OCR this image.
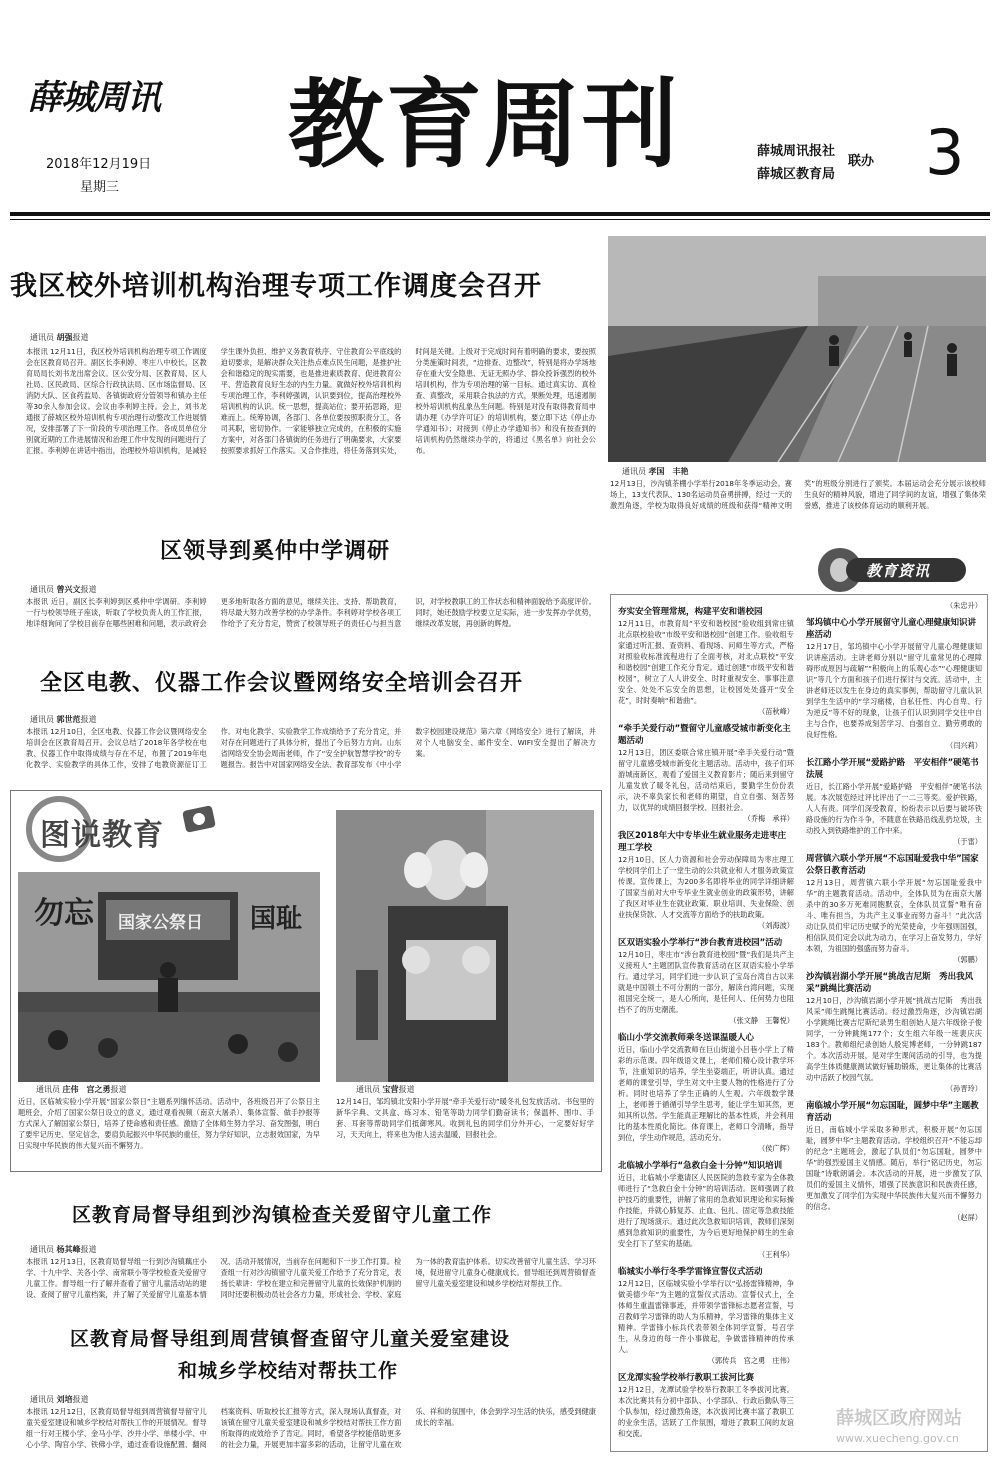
薛城周讯
2018年12月19日
星期三
教育周刊	薛城周讯报社
薛城区教育局
联办 3
我区校外培训机构治理专项工作调度会召开
通讯员 胡强报道
本报讯 12月11日，我区校外培训机构治理专项工作调度会在区教育局召开。副区长李利婷、枣庄八中校长，区教育局局长刘书龙出席会议。区公安分局、区教育局、区人社局、区民政局、区综合行政执法局、区市场监督局、区消防大队、区食药监局、各镇街政府分管领导和镇办主任等30余人参加会议。会议由李利婷主持。会上，刘书龙通报了薛城区校外培训机构专项治理行动整改工作进展情况，安排部署了下一阶段的专项治理工作。各成员单位分别就近期的工作进展情况和治理工作中发现的问题进行了汇报。李利婷在讲话中指出，治理校外培训机构，是减轻学生课外负担、维护义务教育秩序、守住教育公平底线的迫切要求，是解决群众关注热点难点民生问题，是推护社会和谐稳定的现实需要，也是推进素质教育、促进教育公平、营造教育良好生态的内生力量。就做好校外培训机构专项治理工作，李利婷强调，认识要到位，提高治理校外培训机构的认识。统一思想，提高站位；要开拓思路，迎难而上。统筹协调，各部门、各单位要按照职责分工，各司其职，密切协作。一家能够独立完成的，在积极的实施方案中，对各部门各镇街的任务进行了明确要求，大家要按照要求抓好工作落实。又合作推进，将任务落到实处，时间是关键。上级对于完成时间有着明确的要求，要按照分类施策时间表，“边排查、边整改”，特别是将办学场地存在重大安全隐患、无证无照办学、群众投诉强烈的校外培训机构，作为专项治理的第一目标。通过真实访、真检查、真整改，采用联合执法的方式，果断处理，迅速遏制校外培训机构乱象丛生问题。特别是对没有取得教育局申请办理《办学许可证》的培训机构，要立即下达《停止办学通知书》；对接到《停止办学通知书》和没有按查到的培训机构仍然继续办学的，将通过《黑名单》向社会公布。
通讯员 孝国　丰艳
12月13日，沙沟镇茶棚小学举行2018年冬季运动会。赛场上，13支代表队、130名运动员奋勇拼搏，经过一天的激烈角逐，学校为取得良好成绩的班级和获得“精神文明奖”的班级分别进行了颁奖。本届运动会充分展示该校师生良好的精神风貌，增进了同学间的友谊，增强了集体荣誉感，推进了该校体育运动的顺利开展。
区领导到奚仲中学调研
通讯员 曾兴文报道
本报讯 近日，副区长李利婷到区奚仲中学调研。李利婷一行与校领导班子座谈，听取了学校负责人的工作汇报，地详细询问了学校目前存在哪些困难和问题，表示政府会更多地听取各方面的意见，继续关注、支持、帮助教育，将尽最大努力改善学校的办学条件。李利婷对学校各项工作给予了充分肯定，赞赏了校领导班子的责任心与担当意识，对学校教职工的工作状态和精神面貌给予高度评价。同时，她还鼓励学校要立足实际，进一步发挥办学优势，继续改革发展，再创新的辉煌。
全区电教、仪器工作会议暨网络安全培训会召开
通讯员 郭世范报道
本报讯 12月10日，全区电教、仪器工作会议暨网络安全培训会在区教育局召开。会议总结了2018年各学校在电教、仪器工作中取得成绩与存在不足，布置了2019年电化教学、实验教学的具体工作，安排了电教资源征订工作。对电化教学、实验教学工作成绩给予了充分肯定，并对存在问题进行了具体分析，提出了今后努力方向。山东省网络安全协会周南老师，作了“安全护航智慧学校”的专题报告。报告中对国家网络安全法、教育部发布《中小学数字校园建设规范》第六章《网络安全》进行了解读，并对个人电脑安全、邮件安全、WIFI安全提出了解决方案。
图说教育
勿忘	国耻
国家公祭日
通讯员 庄伟　宫之勇报道
近日，区临城实验小学开展“国家公祭日”主题系列缅怀活动。活动中，各班级召开了公祭日主题班会，介绍了国家公祭日设立的意义，通过观看视频（南京大屠杀）、集体宣誓、做手抄报等方式深入了解国家公祭日，培养了使命感和责任感。激励了全体师生努力学习、奋发图强，明白了要牢记历史、坚定信念，要肩负起振兴中华民族的重任，努力学好知识，立志报效国家，为早日实现中华民族的伟大复兴而不懈努力。
通讯员 宝营报道
12月14日，邹坞镇北安阳小学开展“牵手关爱行动”暖冬礼包发放活动。书包里的新华字典、文具盒、练习本、铅笔等助力同学们勤奋读书；保温杯、围巾、手套、耳套等帮助同学们抵御寒风。收到礼包的同学们分外开心，一定要好好学习，天天向上，将来也为他人送去温暖，回报社会。
区教育局督导组到沙沟镇检查关爱留守儿童工作
通讯员 杨其峰报道
本报讯 12月13日，区教育局督导组一行到沙沟镇藕庄小学、十九中学、关各小学、南常联小等学校检查关爱留守儿童工作。督导组一行了解并查看了留守儿童活动站的建设、查阅了留守儿童档案，并了解了关爱留守儿童基本情况、活动开展情况，当前存在问题和下一步工作打算。检查组一行对沙沟镇留守儿童关爱工作给予了充分肯定，表扬长辈讲：学校在建立和完善留守儿童的长效保护机制的同时还要积极动员社会各方力量，形成社会、学校、家庭为一体的教育监护体系。切实改善留守儿童生活、学习环境，促进留守儿童身心健康成长。督导组还到周营镇督查留守儿童关爱室建设和城乡学校结对帮扶工作。
区教育局督导组到周营镇督查留守儿童关爱室建设
和城乡学校结对帮扶工作
通讯员 刘培报道
本报讯 12月12日，区教育局督导组到周营镇督导留守儿童关爱室建设和城乡学校结对帮扶工作的开展情况。督导组一行对王楼小学、金马小学、沙井小学、单楼小学、中心小学、陶官小学、铁佛小学，通过查看设施配置、翻阅档案资料、听取校长汇报等方式，深入现场认真督查，对该镇在留守儿童关爱室建设和城乡学校结对帮扶工作方面所取得的成效给予了肯定。同时，希望各学校能借助更多的社会力量，开展更加丰富多彩的活动，让留守儿童在欢乐、祥和的氛围中，体会到学习生活的快乐，感受到健康成长的幸福。
教育资讯
夯实安全管理常规，构建平安和谐校园
12月11日，市教育局“平安和谐校园”验收组到常庄镇北点联校验收“市级平安和谐校园”创建工作。验收组专家通过听汇报、查资料、看现场、问师生等方式，严格对照验收标准流程进行了全面考核，对北点联校“平安和谐校园”创建工作充分肯定。通过创建“市级平安和谐校园”，树立了人人讲安全、时时重视安全、事事注意安全、处处不忘安全的思想，让校园处处盛开“安全花”，时时奏响“和谐曲”。
（苗秋峰）
“牵手关爱行动”暨留守儿童感受城市新变化主题活动
12月13日，团区委联合常庄镇开展“牵手关爱行动”暨留守儿童感受城市新变化主题活动。活动中，孩子们环游城南新区，观看了爱国主义教育影片；随后来到留守儿童发放了暖冬礼包，活动结束后，要勤学生份份表示，决不辜负家长和老师的期望，自立自强、刻苦努力，以优异的成绩回报学校、回报社会。
（乔梅　承祥）
我区2018年大中专毕业生就业服务走进枣庄理工学校
12月10日，区人力资源和社会劳动保障局为枣庄理工学校同学们上了一堂生动的公共就业和人才服务政策宣传课。宣传课上，为200多名即将毕业的同学详细讲解了国家当前对大中专毕业生就业创业的政策形势，讲解了我区对毕业生在就业政策、职业培训、失业保险、创业扶保贷款、人才交流等方面给予的扶助政策。
（刘海波）
区双语实验小学举行“涉台教育进校园”活动
12月10日，枣庄市“涉台教育进校园”暨“我们是共产主义接班人”主题团队宣传教育活动在区双语实验小学举行。通过学习，同学们进一步认识了宝岛台湾自古以来就是中国领土不可分割的一部分，解读台湾问题，实现祖国完全统一，是人心所向，是任何人、任何势力也阻挡不了的历史潮流。
（张文静　王馨悦）
临山小学交流教师乘冬送课温暖人心
近日，临山小学交流教师在巨山街道小吕巷小学上了精彩的示范课。四年级语文课上，老师们精心设计教学环节，注重知识的培养，学生坐姿端正，听讲认真。通过老师的课堂引导，学生对文中主要人物的性格进行了分析。同时也培养了学生正确的人生观。六年级数学课上，老师善于循循引导学生思考，能让学生知其然，更知其所以然。学生能真正理解比的基本性质，并会利用比的基本性质化简比。体育课上，老师口令清晰，指导到位，学生动作规范，活动充分。
（侯广辉）
北临城小学举行“急救白金十分钟”知识培训
近日，北临城小学邀请区人民医院的急救专家为全体教师进行了“急救白金十分钟”的培训活动。医师强调了救护技巧的重要性，讲解了常用的急救知识理论和实际操作技能，并就心肺复苏、止血、包扎、固定等急救技能进行了现场演示。通过此次急救知识培训，教师们深刻感到急救知识的重要性，为今后更好地保护师生的生命安全打下了坚实的基础。
（王利华）
临城实小举行冬季学雷锋宣誓仪式活动
12月12日，区临城实验小学举行以“弘扬雷锋精神，争做美德少年”为主题的宣誓仪式活动。宣誓仪式上，全体师生重温雷锋事迹，并带领学雷锋标志愿者宣誓，号召教师学习雷锋的助人为乐精神，学习雷锋的集体主义精神。学雷锋小标兵代表带领全体同学宣誓，号召学生，从身边的每一件小事做起，争做雷锋精神的传承人。
（郭传兵　宫之勇　庄伟）
区龙潭实验学校举行教职工拔河比赛
12月12日，龙潭试验学校举行教职工冬季拔河比赛。本次比赛共有分初中部队、小学部队、行政后勤队等三个队参加，经过激烈角逐，本次拔河比赛丰富了教职工的业余生活，活跃了工作氛围，增进了教职工间的友谊和交流。
（朱忠升）
邹坞镇中心小学开展留守儿童心理健康知识讲座活动
12月17日，邹坞镇中心小学开展留守儿童心理健康知识讲座活动。主讲老师分别以“留守儿童常见的心理障碍形成原因与疏解”“积极向上的乐观心态”“心理健康知识”等几个方面和孩子们进行探讨与交流。活动中，主讲老师还以发生在身边的真实事例，帮助留守儿童认识到学生生活中的“学习痛楼，自私任性、内心自卑、行为逆反”等不好的现象，让孩子们认识到同学交往中自主与合作，也要养成刻苦学习、自强自立、勤劳勇敢的良好性格。
（闫兴莉）
长江路小学开展“爱路护路　平安相伴”硬笔书法展
近日，长江路小学开展“爱路护路　平安相伴”硬笔书法展。本次展览经过评比评出了一二三等奖。爱护铁路，人人有责。同学们深受教育，纷纷表示以后要与破坏铁路设施的行为作斗争，不随意在铁路沿线乱扔垃圾，主动投入到铁路维护的工作中来。
（于雷）
周营镇六联小学开展“不忘国耻爱我中华”国家公祭日教育活动
12月13日，周营镇六联小学开展“勿忘国耻爱我中华”的主题教育活动。活动中，全体队员为在南京大屠杀中的30多万死难同胞默哀，全体队员宣誓“唯有奋斗、唯有担当，为共产主义事业而努力奋斗！”此次活动让队员们牢记历史赋予的光荣使命，少年强则国强，相信队员们定会以此为动力，在学习上奋发努力，学好本领，为祖国的强盛而努力奋斗。
（郭鹏）
沙沟镇岩湖小学开展“挑战吉尼斯　秀出我风采”跳绳比赛活动
12月10日，沙沟镇岩湖小学开展“挑战吉尼斯　秀出我风采”师生跳绳比赛活动。经过激烈角逐，沙沟镇岩湖小学跳绳比赛吉尼斯纪录男生组创始人是六年级徐子俊同学，一分钟跳绳177个；女生组六年级一班裴庆庆183个。教师组纪录创始人殷宪博老师，一分钟跳187个。本次活动开展，是对学生课间活动的引导，也为提高学生体质健康测试做好铺助锻炼，更让集体的比赛活动中活跃了校园气氛。
（孙晋玲）
南临城小学开展“勿忘国耻，圆梦中华”主题教育活动
近日，南临城小学采取多种形式，积极开展“勿忘国耻，圆梦中华”主题教育活动。学校组织召开“不能忘却的纪念”主题班会，激起了队员们“勿忘国耻，圆梦中华”的强烈爱国主义情感。随后，举行“铭记历史，勿忘国耻”诗歌朗诵会。本次活动的开展，进一步激发了队员们的爱国主义情怀，增强了民族意识和民族责任感，更加激发了同学们为实现中华民族伟大复兴而不懈努力的信念。
（赵屏）
薛城区政府网站
www.xuecheng.gov.cn
